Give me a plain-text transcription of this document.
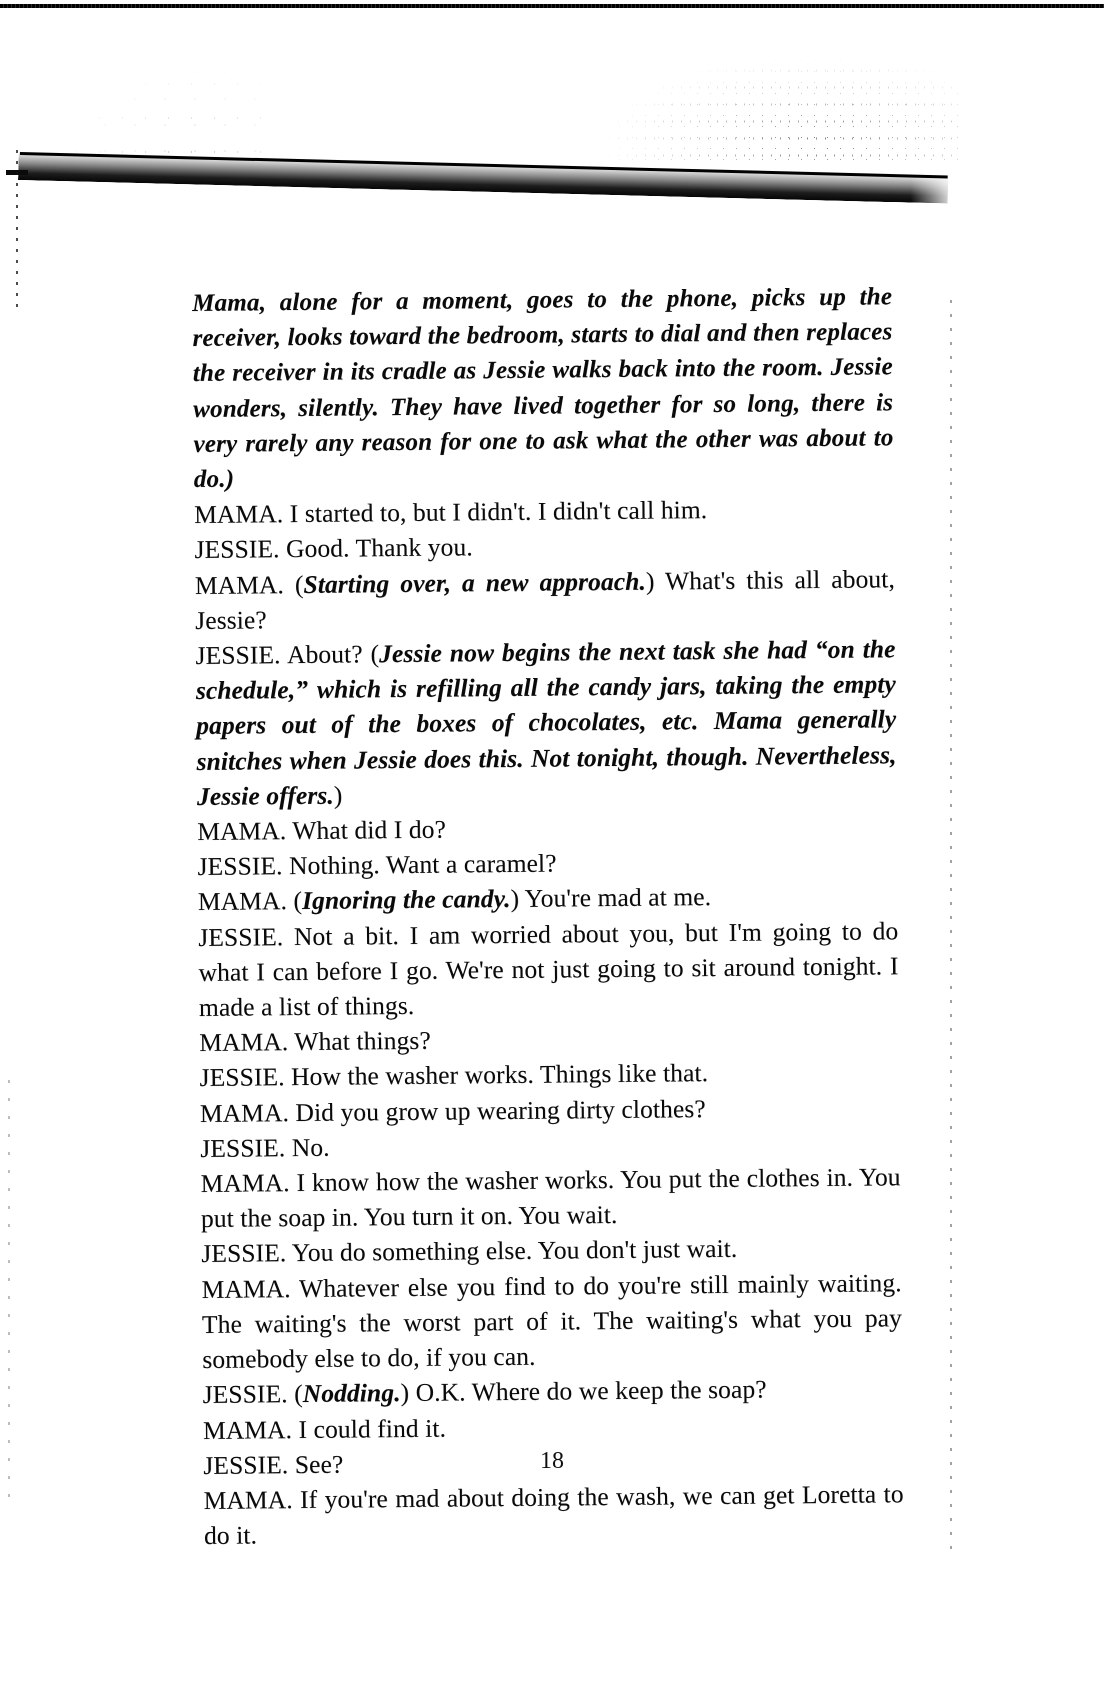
Mama, alone for a moment, goes to the phone, picks up the receiver, looks toward the bedroom, starts to dial and then replaces the receiver in its cradle as Jessie walks back into the room. Jessie wonders, silently. They have lived together for so long, there is very rarely any reason for one to ask what the other was about to do.)

MAMA. I started to, but I didn't. I didn't call him.

JESSIE. Good. Thank you.

MAMA. (Starting over, a new approach.) What's this all about, Jessie?

JESSIE. About? (Jessie now begins the next task she had “on the schedule,” which is refilling all the candy jars, taking the empty papers out of the boxes of chocolates, etc. Mama generally snitches when Jessie does this. Not tonight, though. Nevertheless, Jessie offers.)

MAMA. What did I do?

JESSIE. Nothing. Want a caramel?

MAMA. (Ignoring the candy.) You're mad at me.

JESSIE. Not a bit. I am worried about you, but I'm going to do what I can before I go. We're not just going to sit around tonight. I made a list of things.

MAMA. What things?

JESSIE. How the washer works. Things like that.

MAMA. Did you grow up wearing dirty clothes?

JESSIE. No.

MAMA. I know how the washer works. You put the clothes in. You put the soap in. You turn it on. You wait.

JESSIE. You do something else. You don't just wait.

MAMA. Whatever else you find to do you're still mainly waiting. The waiting's the worst part of it. The waiting's what you pay somebody else to do, if you can.

JESSIE. (Nodding.) O.K. Where do we keep the soap?

MAMA. I could find it.

JESSIE. See?

MAMA. If you're mad about doing the wash, we can get Loretta to do it.

18
